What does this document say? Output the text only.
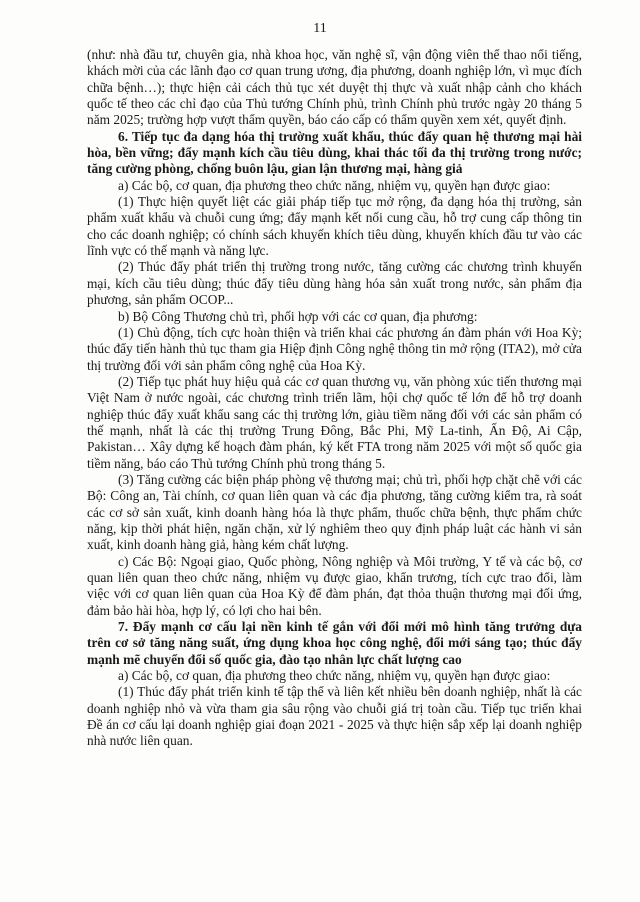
11

(như: nhà đầu tư, chuyên gia, nhà khoa học, văn nghệ sĩ, vận động viên thể thao nổi tiếng, khách mời của các lãnh đạo cơ quan trung ương, địa phương, doanh nghiệp lớn, vì mục đích chữa bệnh…); thực hiện cải cách thủ tục xét duyệt thị thực và xuất nhập cảnh cho khách quốc tế theo các chỉ đạo của Thủ tướng Chính phủ, trình Chính phủ trước ngày 20 tháng 5 năm 2025; trường hợp vượt thẩm quyền, báo cáo cấp có thẩm quyền xem xét, quyết định.

6. Tiếp tục đa dạng hóa thị trường xuất khẩu, thúc đẩy quan hệ thương mại hài hòa, bền vững; đẩy mạnh kích cầu tiêu dùng, khai thác tối đa thị trường trong nước; tăng cường phòng, chống buôn lậu, gian lận thương mại, hàng giả

a) Các bộ, cơ quan, địa phương theo chức năng, nhiệm vụ, quyền hạn được giao:

(1) Thực hiện quyết liệt các giải pháp tiếp tục mở rộng, đa dạng hóa thị trường, sản phẩm xuất khẩu và chuỗi cung ứng; đẩy mạnh kết nối cung cầu, hỗ trợ cung cấp thông tin cho các doanh nghiệp; có chính sách khuyến khích tiêu dùng, khuyến khích đầu tư vào các lĩnh vực có thế mạnh và năng lực.

(2) Thúc đẩy phát triển thị trường trong nước, tăng cường các chương trình khuyến mại, kích cầu tiêu dùng; thúc đẩy tiêu dùng hàng hóa sản xuất trong nước, sản phẩm địa phương, sản phẩm OCOP...

b) Bộ Công Thương chủ trì, phối hợp với các cơ quan, địa phương:

(1) Chủ động, tích cực hoàn thiện và triển khai các phương án đàm phán với Hoa Kỳ; thúc đẩy tiến hành thủ tục tham gia Hiệp định Công nghệ thông tin mở rộng (ITA2), mở cửa thị trường đối với sản phẩm công nghệ của Hoa Kỳ.

(2) Tiếp tục phát huy hiệu quả các cơ quan thương vụ, văn phòng xúc tiến thương mại Việt Nam ở nước ngoài, các chương trình triển lãm, hội chợ quốc tế lớn để hỗ trợ doanh nghiệp thúc đẩy xuất khẩu sang các thị trường lớn, giàu tiềm năng đối với các sản phẩm có thế mạnh, nhất là các thị trường Trung Đông, Bắc Phi, Mỹ La-tinh, Ấn Độ, Ai Cập, Pakistan… Xây dựng kế hoạch đàm phán, ký kết FTA trong năm 2025 với một số quốc gia tiềm năng, báo cáo Thủ tướng Chính phủ trong tháng 5.

(3) Tăng cường các biện pháp phòng vệ thương mại; chủ trì, phối hợp chặt chẽ với các Bộ: Công an, Tài chính, cơ quan liên quan và các địa phương, tăng cường kiểm tra, rà soát các cơ sở sản xuất, kinh doanh hàng hóa là thực phẩm, thuốc chữa bệnh, thực phẩm chức năng, kịp thời phát hiện, ngăn chặn, xử lý nghiêm theo quy định pháp luật các hành vi sản xuất, kinh doanh hàng giả, hàng kém chất lượng.

c) Các Bộ: Ngoại giao, Quốc phòng, Nông nghiệp và Môi trường, Y tế và các bộ, cơ quan liên quan theo chức năng, nhiệm vụ được giao, khẩn trương, tích cực trao đổi, làm việc với cơ quan liên quan của Hoa Kỳ để đàm phán, đạt thỏa thuận thương mại đối ứng, đảm bảo hài hòa, hợp lý, có lợi cho hai bên.

7. Đẩy mạnh cơ cấu lại nền kinh tế gắn với đổi mới mô hình tăng trưởng dựa trên cơ sở tăng năng suất, ứng dụng khoa học công nghệ, đổi mới sáng tạo; thúc đẩy mạnh mẽ chuyển đổi số quốc gia, đào tạo nhân lực chất lượng cao

a) Các bộ, cơ quan, địa phương theo chức năng, nhiệm vụ, quyền hạn được giao:

(1) Thúc đẩy phát triển kinh tế tập thể và liên kết nhiều bên doanh nghiệp, nhất là các doanh nghiệp nhỏ và vừa tham gia sâu rộng vào chuỗi giá trị toàn cầu. Tiếp tục triển khai Đề án cơ cấu lại doanh nghiệp giai đoạn 2021 - 2025 và thực hiện sắp xếp lại doanh nghiệp nhà nước liên quan.
